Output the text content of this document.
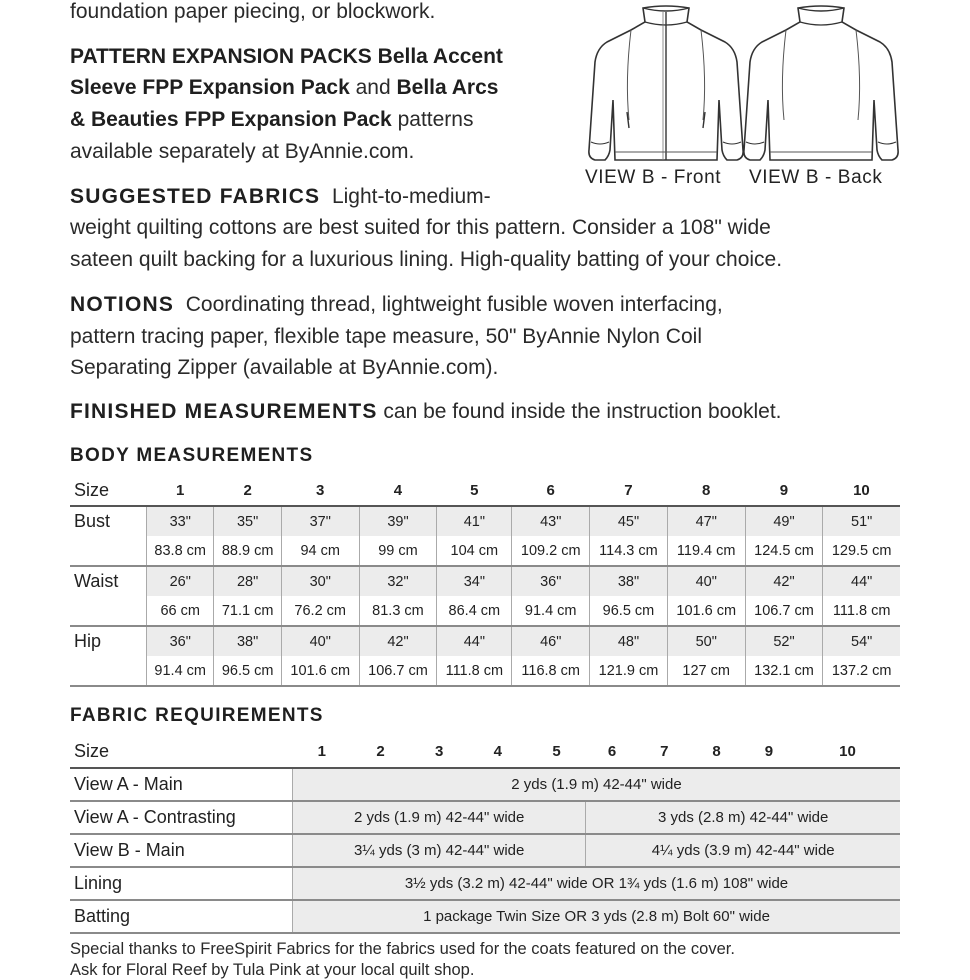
foundation paper piecing, or blockwork.

PATTERN EXPANSION PACKS Bella Accent

Sleeve FPP Expansion Pack and Bella Arcs

& Beauties FPP Expansion Pack patterns

available separately at ByAnnie.com.

VIEW B - Front VIEW B - Back

SUGGESTED FABRICS Light-to-medium-

weight quilting cottons are best suited for this pattern. Consider a 108" wide

sateen quilt backing for a luxurious lining. High-quality batting of your choice.

NOTIONS Coordinating thread, lightweight fusible woven interfacing,

pattern tracing paper, flexible tape measure, 50" ByAnnie Nylon Coil

Separating Zipper (available at ByAnnie.com).

FINISHED MEASUREMENTS can be found inside the instruction booklet.

BODY MEASUREMENTS

Size	1	2	3	4	5	6	7	8	9	10
Bust	33"	35"	37"	39"	41"	43"	45"	47"	49"	51"
	83.8 cm	88.9 cm	94 cm	99 cm	104 cm	109.2 cm	114.3 cm	119.4 cm	124.5 cm	129.5 cm
Waist	26"	28"	30"	32"	34"	36"	38"	40"	42"	44"
	66 cm	71.1 cm	76.2 cm	81.3 cm	86.4 cm	91.4 cm	96.5 cm	101.6 cm	106.7 cm	111.8 cm
Hip	36"	38"	40"	42"	44"	46"	48"	50"	52"	54"
	91.4 cm	96.5 cm	101.6 cm	106.7 cm	111.8 cm	116.8 cm	121.9 cm	127 cm	132.1 cm	137.2 cm

FABRIC REQUIREMENTS

Size	1	2	3	4	5	6	7	8	9	10
View A - Main	2 yds (1.9 m) 42-44" wide									
View A - Contrasting	2 yds (1.9 m) 42-44" wide					3 yds (2.8 m) 42-44" wide				
View B - Main	3¼ yds (3 m) 42-44" wide					4¼ yds (3.9 m) 42-44" wide				
Lining	3½ yds (3.2 m) 42-44" wide OR 1¾ yds (1.6 m) 108" wide									
Batting	1 package Twin Size OR 3 yds (2.8 m) Bolt 60" wide									

Special thanks to FreeSpirit Fabrics for the fabrics used for the coats featured on the cover.

Ask for Floral Reef by Tula Pink at your local quilt shop.
